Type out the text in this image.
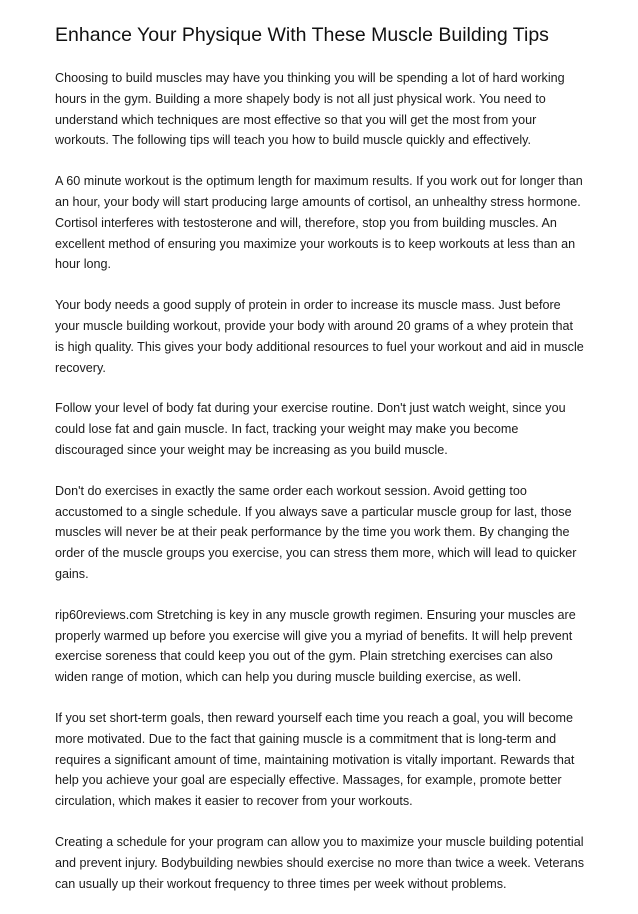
Enhance Your Physique With These Muscle Building Tips

Choosing to build muscles may have you thinking you will be spending a lot of hard working hours in the gym. Building a more shapely body is not all just physical work. You need to understand which techniques are most effective so that you will get the most from your workouts. The following tips will teach you how to build muscle quickly and effectively.

A 60 minute workout is the optimum length for maximum results. If you work out for longer than an hour, your body will start producing large amounts of cortisol, an unhealthy stress hormone. Cortisol interferes with testosterone and will, therefore, stop you from building muscles. An excellent method of ensuring you maximize your workouts is to keep workouts at less than an hour long.

Your body needs a good supply of protein in order to increase its muscle mass. Just before your muscle building workout, provide your body with around 20 grams of a whey protein that is high quality. This gives your body additional resources to fuel your workout and aid in muscle recovery.

Follow your level of body fat during your exercise routine. Don't just watch weight, since you could lose fat and gain muscle. In fact, tracking your weight may make you become discouraged since your weight may be increasing as you build muscle.

Don't do exercises in exactly the same order each workout session. Avoid getting too accustomed to a single schedule. If you always save a particular muscle group for last, those muscles will never be at their peak performance by the time you work them. By changing the order of the muscle groups you exercise, you can stress them more, which will lead to quicker gains.

rip60reviews.com Stretching is key in any muscle growth regimen. Ensuring your muscles are properly warmed up before you exercise will give you a myriad of benefits. It will help prevent exercise soreness that could keep you out of the gym. Plain stretching exercises can also widen range of motion, which can help you during muscle building exercise, as well.

If you set short-term goals, then reward yourself each time you reach a goal, you will become more motivated. Due to the fact that gaining muscle is a commitment that is long-term and requires a significant amount of time, maintaining motivation is vitally important. Rewards that help you achieve your goal are especially effective. Massages, for example, promote better circulation, which makes it easier to recover from your workouts.

Creating a schedule for your program can allow you to maximize your muscle building potential and prevent injury. Bodybuilding newbies should exercise no more than twice a week. Veterans can usually up their workout frequency to three times per week without problems.
